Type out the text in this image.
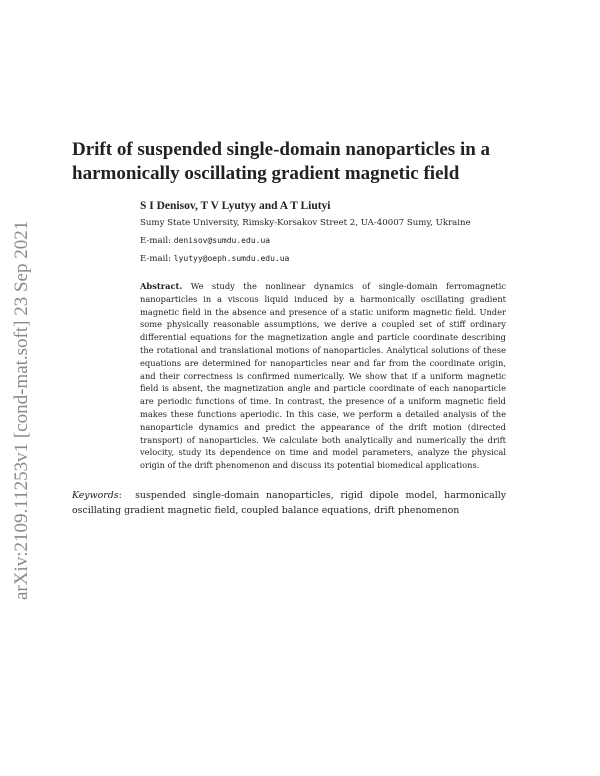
arXiv:2109.11253v1 [cond-mat.soft] 23 Sep 2021
Drift of suspended single-domain nanoparticles in a harmonically oscillating gradient magnetic field
S I Denisov, T V Lyutyy and A T Liutyi
Sumy State University, Rimsky-Korsakov Street 2, UA-40007 Sumy, Ukraine
E-mail: denisov@sumdu.edu.ua
E-mail: lyutyy@oeph.sumdu.edu.ua
Abstract. We study the nonlinear dynamics of single-domain ferromagnetic nanoparticles in a viscous liquid induced by a harmonically oscillating gradient magnetic field in the absence and presence of a static uniform magnetic field. Under some physically reasonable assumptions, we derive a coupled set of stiff ordinary differential equations for the magnetization angle and particle coordinate describing the rotational and translational motions of nanoparticles. Analytical solutions of these equations are determined for nanoparticles near and far from the coordinate origin, and their correctness is confirmed numerically. We show that if a uniform magnetic field is absent, the magnetization angle and particle coordinate of each nanoparticle are periodic functions of time. In contrast, the presence of a uniform magnetic field makes these functions aperiodic. In this case, we perform a detailed analysis of the nanoparticle dynamics and predict the appearance of the drift motion (directed transport) of nanoparticles. We calculate both analytically and numerically the drift velocity, study its dependence on time and model parameters, analyze the physical origin of the drift phenomenon and discuss its potential biomedical applications.
Keywords:  suspended single-domain nanoparticles, rigid dipole model, harmonically oscillating gradient magnetic field, coupled balance equations, drift phenomenon
